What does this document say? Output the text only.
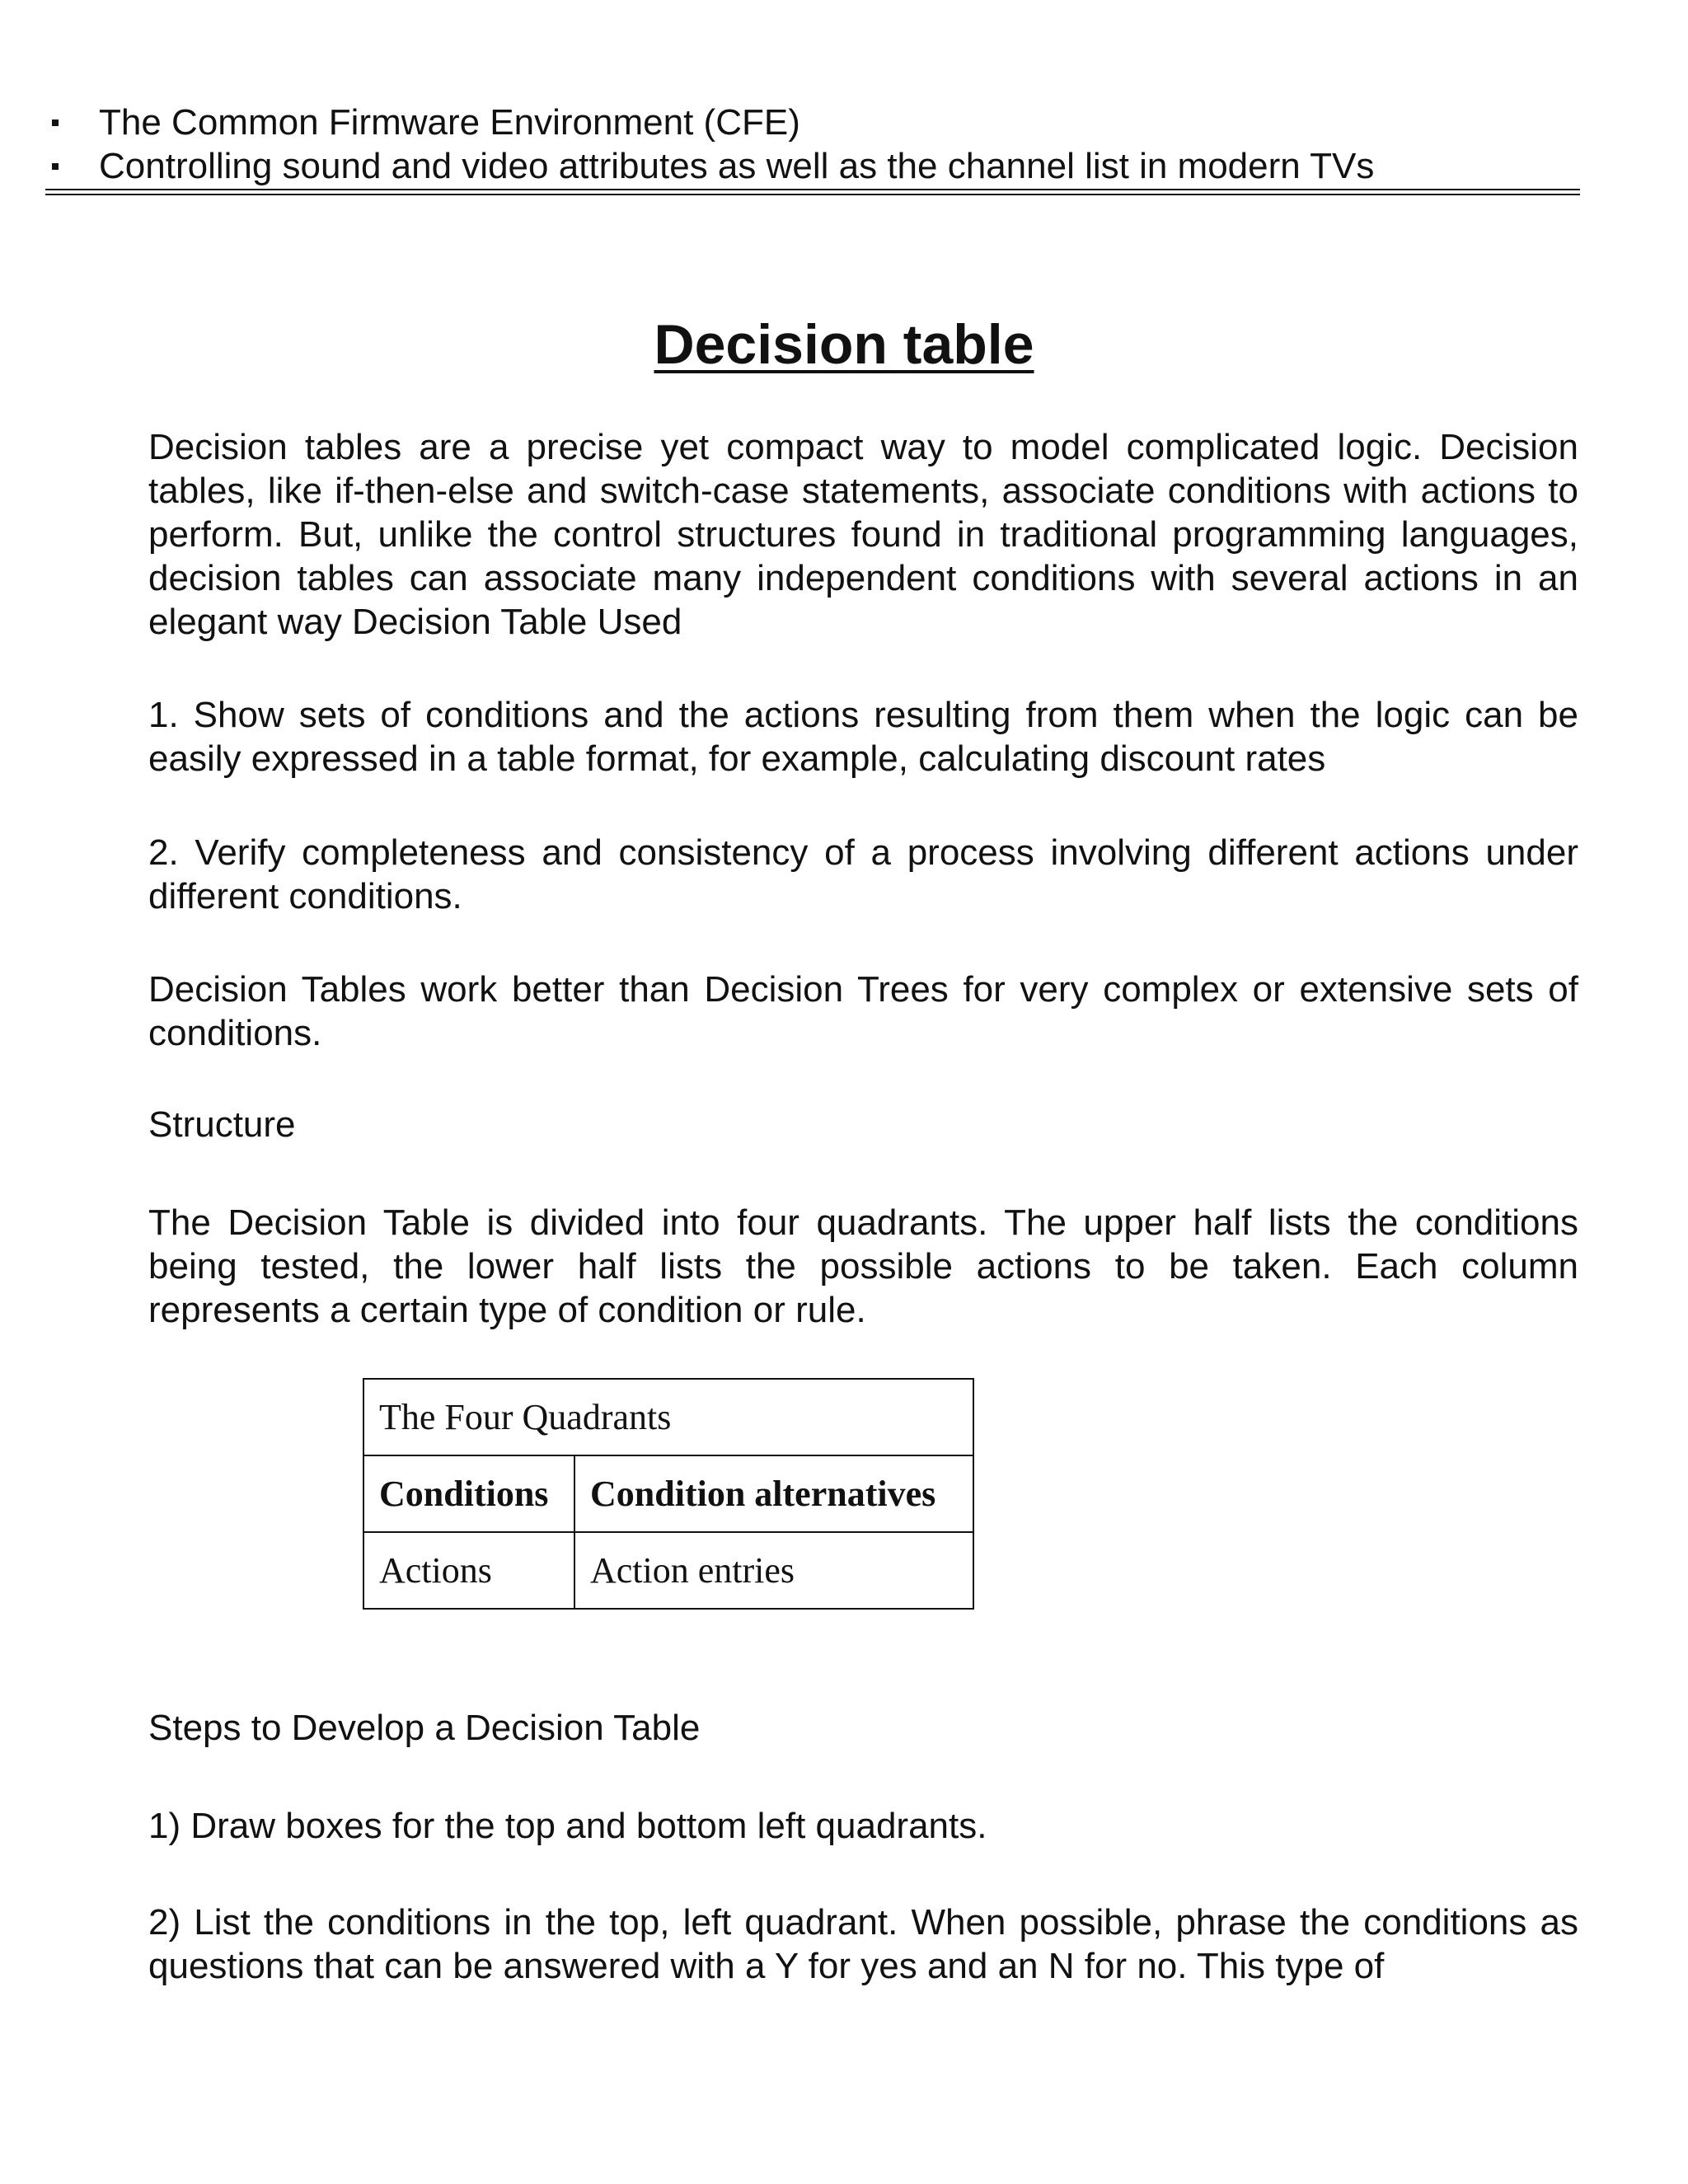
The Common Firmware Environment (CFE)
Controlling sound and video attributes as well as the channel list in modern TVs
Decision table

Decision tables are a precise yet compact way to model complicated logic. Decision tables, like if-then-else and switch-case statements, associate conditions with actions to perform. But, unlike the control structures found in traditional programming languages, decision tables can associate many independent conditions with several actions in an elegant way Decision Table Used

1. Show sets of conditions and the actions resulting from them when the logic can be easily expressed in a table format, for example, calculating discount rates

2. Verify completeness and consistency of a process involving different actions under different conditions.

Decision Tables work better than Decision Trees for very complex or extensive sets of conditions.

Structure

The Decision Table is divided into four quadrants. The upper half lists the conditions being tested, the lower half lists the possible actions to be taken. Each column represents a certain type of condition or rule.

The Four Quadrants	
Conditions	Condition alternatives
Actions	Action entries

Steps to Develop a Decision Table

1) Draw boxes for the top and bottom left quadrants.

2) List the conditions in the top, left quadrant. When possible, phrase the conditions as questions that can be answered with a Y for yes and an N for no. This type of
